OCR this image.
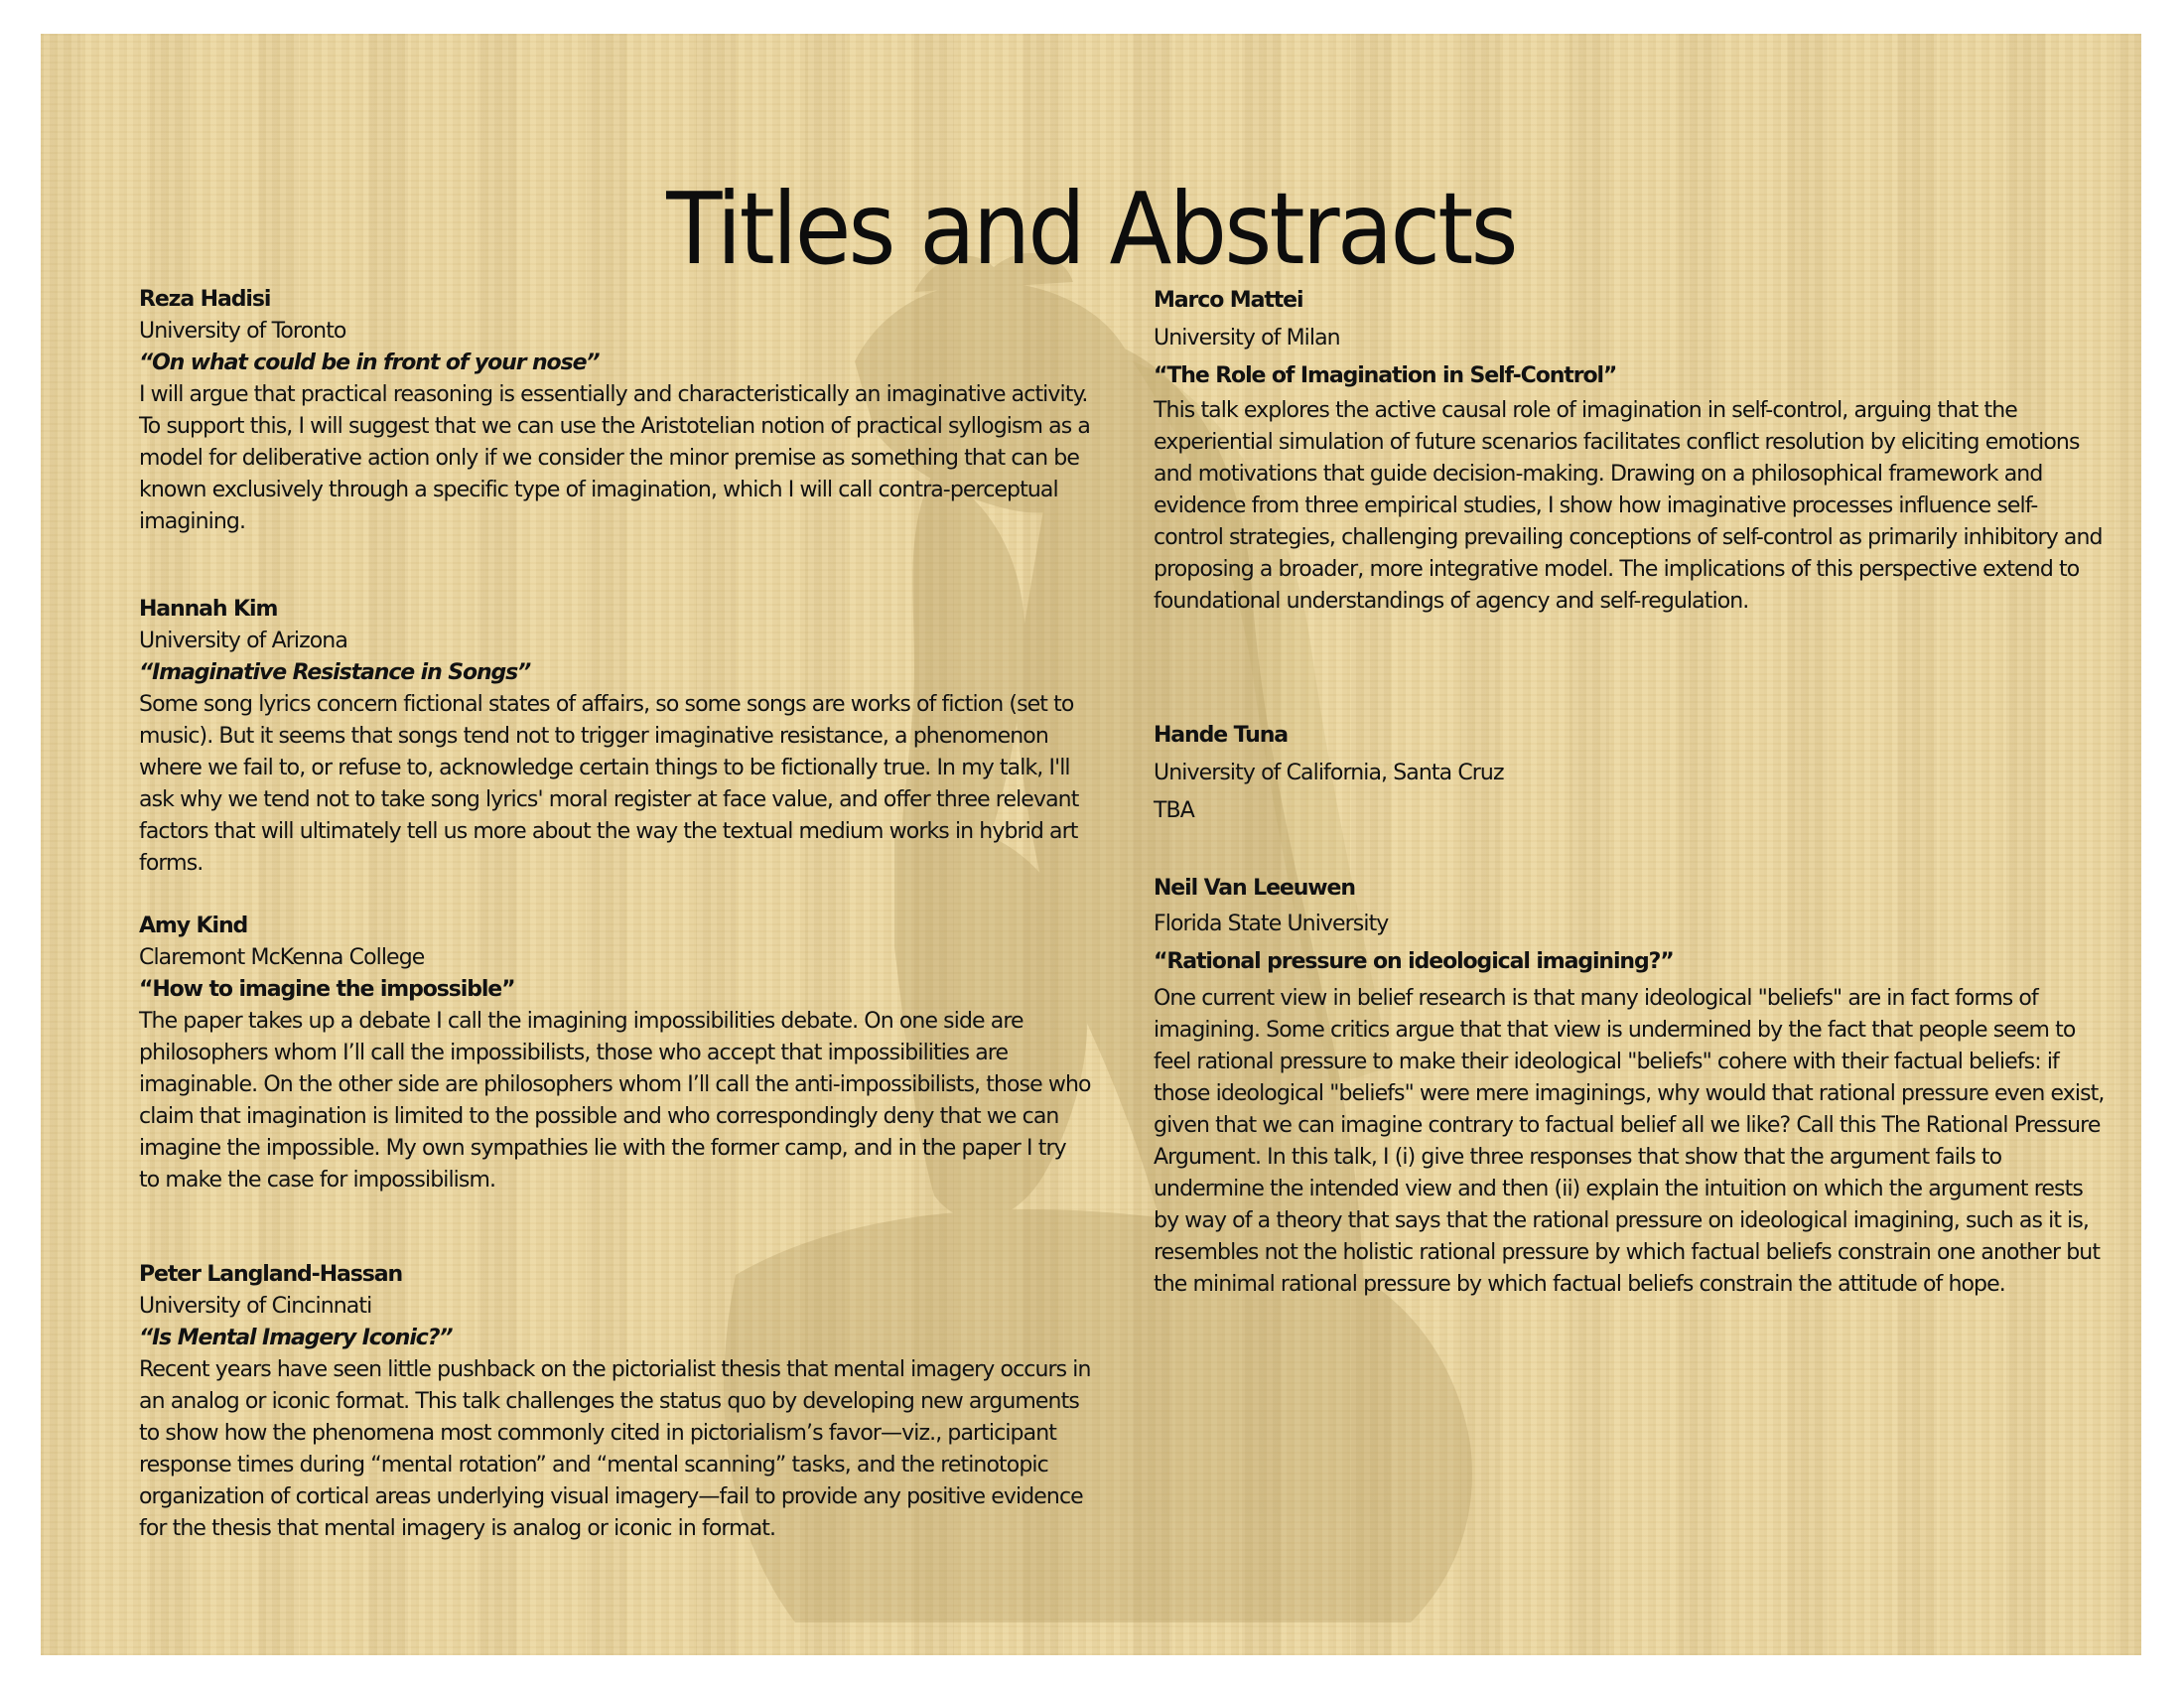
Titles and Abstracts
Reza Hadisi
University of Toronto
“On what could be in front of your nose”

I will argue that practical reasoning is essentially and characteristically an imaginative activity. To support this, I will suggest that we can use the Aristotelian notion of practical syllogism as a model for deliberative action only if we consider the minor premise as something that can be known exclusively through a specific type of imagination, which I will call contra-perceptual imagining.

Hannah Kim
University of Arizona
“Imaginative Resistance in Songs”

Some song lyrics concern fictional states of affairs, so some songs are works of fiction (set to music). But it seems that songs tend not to trigger imaginative resistance, a phenomenon where we fail to, or refuse to, acknowledge certain things to be fictionally true. In my talk, I'll ask why we tend not to take song lyrics' moral register at face value, and offer three relevant factors that will ultimately tell us more about the way the textual medium works in hybrid art forms.

Amy Kind
Claremont McKenna College
“How to imagine the impossible”

The paper takes up a debate I call the imagining impossibilities debate. On one side are philosophers whom I’ll call the impossibilists, those who accept that impossibilities are imaginable. On the other side are philosophers whom I’ll call the anti-impossibilists, those who claim that imagination is limited to the possible and who correspondingly deny that we can imagine the impossible. My own sympathies lie with the former camp, and in the paper I try to make the case for impossibilism.

Peter Langland-Hassan
University of Cincinnati
“Is Mental Imagery Iconic?”

Recent years have seen little pushback on the pictorialist thesis that mental imagery occurs in an analog or iconic format. This talk challenges the status quo by developing new arguments to show how the phenomena most commonly cited in pictorialism’s favor—viz., participant response times during “mental rotation” and “mental scanning” tasks, and the retinotopic organization of cortical areas underlying visual imagery—fail to provide any positive evidence for the thesis that mental imagery is analog or iconic in format.

Marco Mattei
University of Milan
“The Role of Imagination in Self-Control”

This talk explores the active causal role of imagination in self-control, arguing that the experiential simulation of future scenarios facilitates conflict resolution by eliciting emotions and motivations that guide decision-making. Drawing on a philosophical framework and evidence from three empirical studies, I show how imaginative processes influence self-control strategies, challenging prevailing conceptions of self-control as primarily inhibitory and proposing a broader, more integrative model. The implications of this perspective extend to foundational understandings of agency and self-regulation.

Hande Tuna
University of California, Santa Cruz
TBA
Neil Van Leeuwen
Florida State University
“Rational pressure on ideological imagining?”

One current view in belief research is that many ideological "beliefs" are in fact forms of imagining. Some critics argue that that view is undermined by the fact that people seem to feel rational pressure to make their ideological "beliefs" cohere with their factual beliefs: if those ideological "beliefs" were mere imaginings, why would that rational pressure even exist, given that we can imagine contrary to factual belief all we like? Call this The Rational Pressure Argument. In this talk, I (i) give three responses that show that the argument fails to undermine the intended view and then (ii) explain the intuition on which the argument rests by way of a theory that says that the rational pressure on ideological imagining, such as it is, resembles not the holistic rational pressure by which factual beliefs constrain one another but the minimal rational pressure by which factual beliefs constrain the attitude of hope.
